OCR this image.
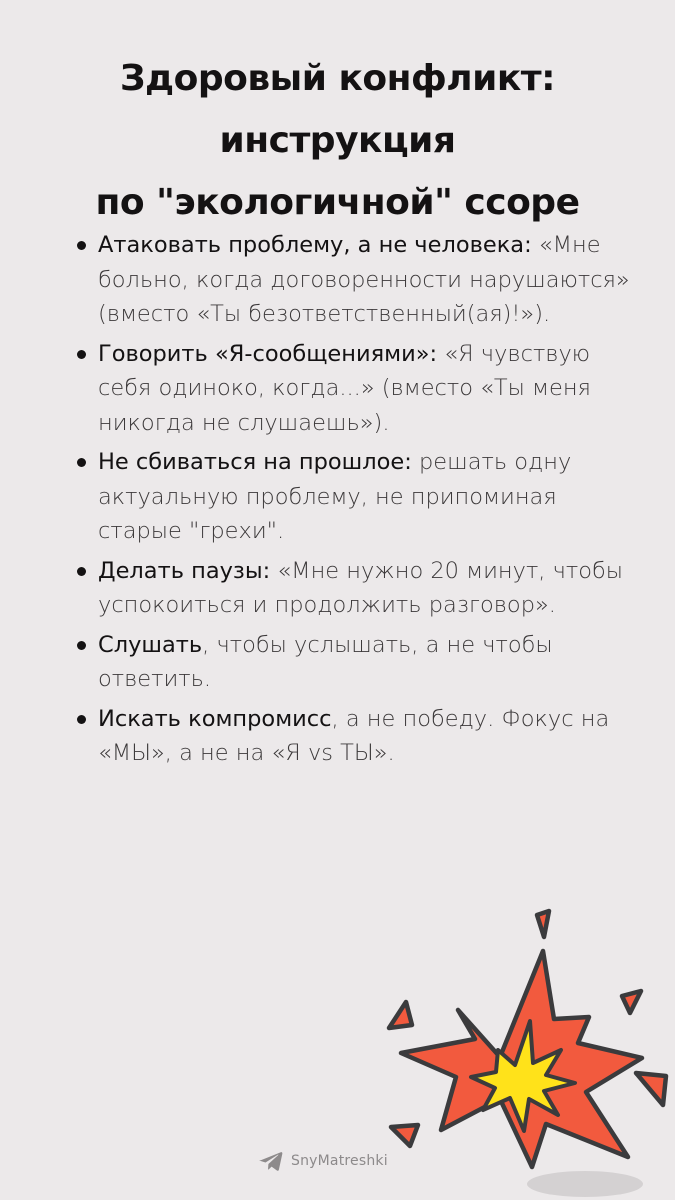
Здоровый конфликт: инструкция
по "экологичной" ссоре
Атаковать проблему, а не человека: «Мне больно, когда договоренности нарушаются» (вместо «Ты безответственный(ая)!»).
Говорить «Я-сообщениями»: «Я чувствую себя одиноко, когда...» (вместо «Ты меня никогда не слушаешь»).
Не сбиваться на прошлое: решать одну актуальную проблему, не припоминая старые "грехи".
Делать паузы: «Мне нужно 20 минут, чтобы успокоиться и продолжить разговор».
Слушать, чтобы услышать, а не чтобы ответить.
Искать компромисс, а не победу. Фокус на «МЫ», а не на «Я vs ТЫ».
SnyMatreshki
